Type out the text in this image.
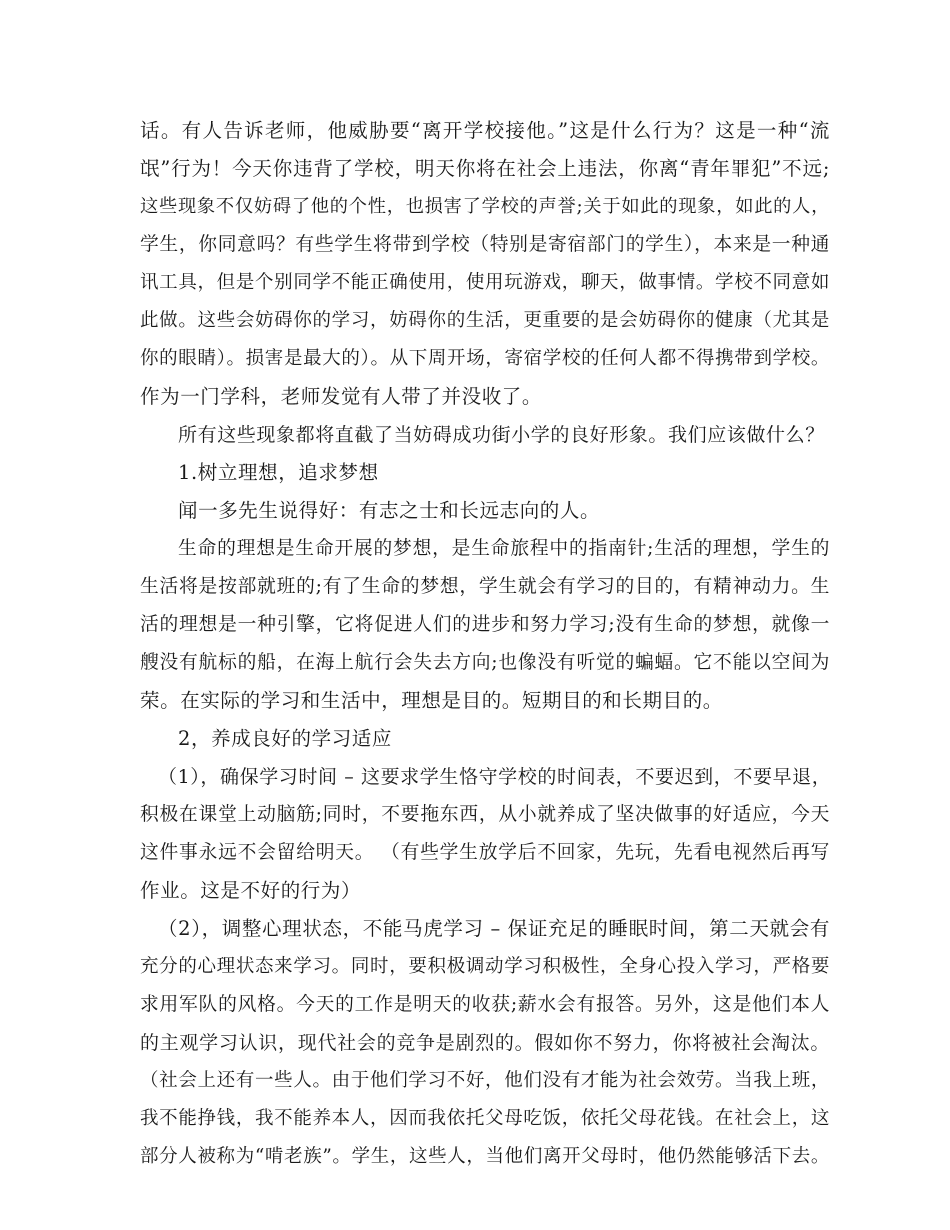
话。有人告诉老师，他威胁要“离开学校接他。”这是什么行为？这是一种“流
氓”行为！今天你违背了学校，明天你将在社会上违法，你离“青年罪犯”不远;
这些现象不仅妨碍了他的个性，也损害了学校的声誉;关于如此的现象，如此的人，
学生，你同意吗？有些学生将带到学校（特别是寄宿部门的学生），本来是一种通
讯工具，但是个别同学不能正确使用，使用玩游戏，聊天，做事情。学校不同意如
此做。这些会妨碍你的学习，妨碍你的生活，更重要的是会妨碍你的健康（尤其是
你的眼睛）。损害是最大的）。从下周开场，寄宿学校的任何人都不得携带到学校。
作为一门学科，老师发觉有人带了并没收了。
所有这些现象都将直截了当妨碍成功街小学的良好形象。我们应该做什么？
1.树立理想，追求梦想
闻一多先生说得好：有志之士和长远志向的人。
生命的理想是生命开展的梦想，是生命旅程中的指南针;生活的理想，学生的
生活将是按部就班的;有了生命的梦想，学生就会有学习的目的，有精神动力。生
活的理想是一种引擎，它将促进人们的进步和努力学习;没有生命的梦想，就像一
艘没有航标的船，在海上航行会失去方向;也像没有听觉的蝙蝠。它不能以空间为
荣。在实际的学习和生活中，理想是目的。短期目的和长期目的。
2，养成良好的学习适应
（1），确保学习时间 – 这要求学生恪守学校的时间表，不要迟到，不要早退，
积极在课堂上动脑筋;同时，不要拖东西，从小就养成了坚决做事的好适应，今天
这件事永远不会留给明天。 （有些学生放学后不回家，先玩，先看电视然后再写
作业。这是不好的行为）
（2），调整心理状态，不能马虎学习 – 保证充足的睡眠时间，第二天就会有
充分的心理状态来学习。同时，要积极调动学习积极性，全身心投入学习，严格要
求用军队的风格。今天的工作是明天的收获;薪水会有报答。另外，这是他们本人
的主观学习认识，现代社会的竞争是剧烈的。假如你不努力，你将被社会淘汰。
（社会上还有一些人。由于他们学习不好，他们没有才能为社会效劳。当我上班，
我不能挣钱，我不能养本人，因而我依托父母吃饭，依托父母花钱。在社会上，这
部分人被称为“啃老族”。学生，这些人，当他们离开父母时，他仍然能够活下去。
